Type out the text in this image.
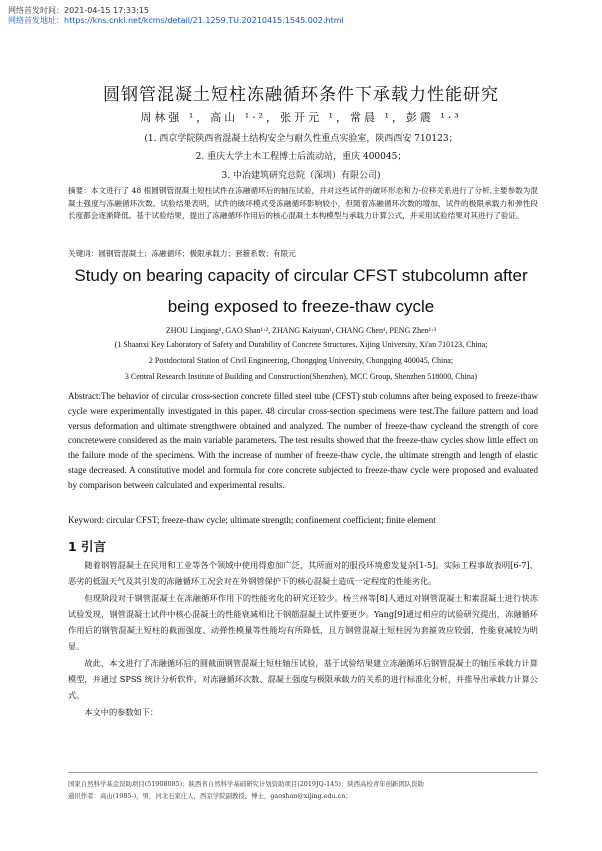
网络首发时间：2021-04-15 17:33:15
网络首发地址：https://kns.cnki.net/kcms/detail/21.1259.TU.20210415.1545.002.html
圆钢管混凝土短柱冻融循环条件下承载力性能研究
周林强 ¹，高山 ¹·²，张开元 ¹，常晨 ¹，彭震 ¹·³
(1. 西京学院陕西省混凝土结构安全与耐久性重点实验室，陕西西安 710123；
2. 重庆大学土木工程博士后流动站，重庆 400045；
3. 中冶建筑研究总院（深圳）有限公司)
摘要：本文进行了 48 根圆钢管混凝土短柱试件在冻融循环后的轴压试验，并对这些试件的破坏形态和力-位移关系进行了分析,主要参数为混凝土强度与冻融循环次数。试验结果表明，试件的破坏模式受冻融循环影响较小，但随着冻融循环次数的增加，试件的极限承载力和弹性段长度都会逐渐降低。基于试验结果，提出了冻融循环作用后的核心混凝土本构模型与承载力计算公式，并采用试验结果对其进行了验证。
关键词：圆钢管混凝土；冻融循环；极限承载力；套箍系数；有限元
Study on bearing capacity of circular CFST stubcolumn after
being exposed to freeze-thaw cycle
ZHOU Linqiang¹, GAO Shan¹·², ZHANG Kaiyuan¹, CHANG Chen¹, PENG Zhen¹·³
(1 Shaanxi Key Laboratory of Safety and Durability of Concrete Structures, Xijing University, Xi'an 710123, China;
2 Postdoctoral Station of Civil Engineering, Chongqing University, Chongqing 400045, China;
3 Central Research Institute of Building and Construction(Shenzhen), MCC Group, Shenzhen 518000, China)
Abstract:The behavior of circular cross-section concrete filled steel tube (CFST) stub columns after being exposed to freeze-thaw cycle were experimentally investigated in this paper. 48 circular cross-section specimens were test.The failure pattern and load versus deformation and ultimate strengthwere obtained and analyzed. The number of freeze-thaw cycleand the strength of core concretewere considered as the main variable parameters. The test results showed that the freeze-thaw cycles show little effect on the failure mode of the specimens. With the increase of number of freeze-thaw cycle, the ultimate strength and length of elastic stage decreased. A constitutive model and formula for core concrete subjected to freeze-thaw cycle were proposed and evaluated by comparison between calculated and experimental results.
Keyword: circular CFST; freeze-thaw cycle; ultimate strength; confinement coefficient; finite element
1 引言
随着钢管混凝土在民用和工业等各个领域中使用得愈加广泛，其所面对的服役环境愈发复杂[1-5]。实际工程事故表明[6-7]，恶劣的低温天气及其引发的冻融循环工况会对在外钢管保护下的核心混凝土造成一定程度的性能劣化。
但现阶段对于钢管混凝土在冻融循环作用下的性能劣化的研究还较少。杨兰州等[8]人通过对钢管混凝土和素混凝土进行快冻试验发现，钢管混凝土试件中核心混凝土的性能衰减相比于钢筋混凝土试件要更少。Yang[9]通过相应的试验研究提出，冻融循环作用后的钢管混凝土短柱的截面强度、动弹性模量等性能均有所降低，且方钢管混凝土短柱因为套箍效应较弱，性能衰减较为明显。
故此，本文进行了冻融循环后的圆截面钢管混凝土短柱轴压试验，基于试验结果建立冻融循环后钢管混凝土的轴压承载力计算模型，并通过 SPSS 统计分析软件，对冻融循环次数、混凝土强度与极限承载力的关系的进行标准化分析，并推导出承载力计算公式。
本文中的参数如下：
国家自然科学基金资助项目(51908085)；陕西省自然科学基础研究计划资助项目(2019JQ-145)；陕西高校青年创新团队资助
通讯作者：高山(1985-)，男，河北石家庄人，西京学院副教授，博士，gaoshan@xijing.edu.cn；
